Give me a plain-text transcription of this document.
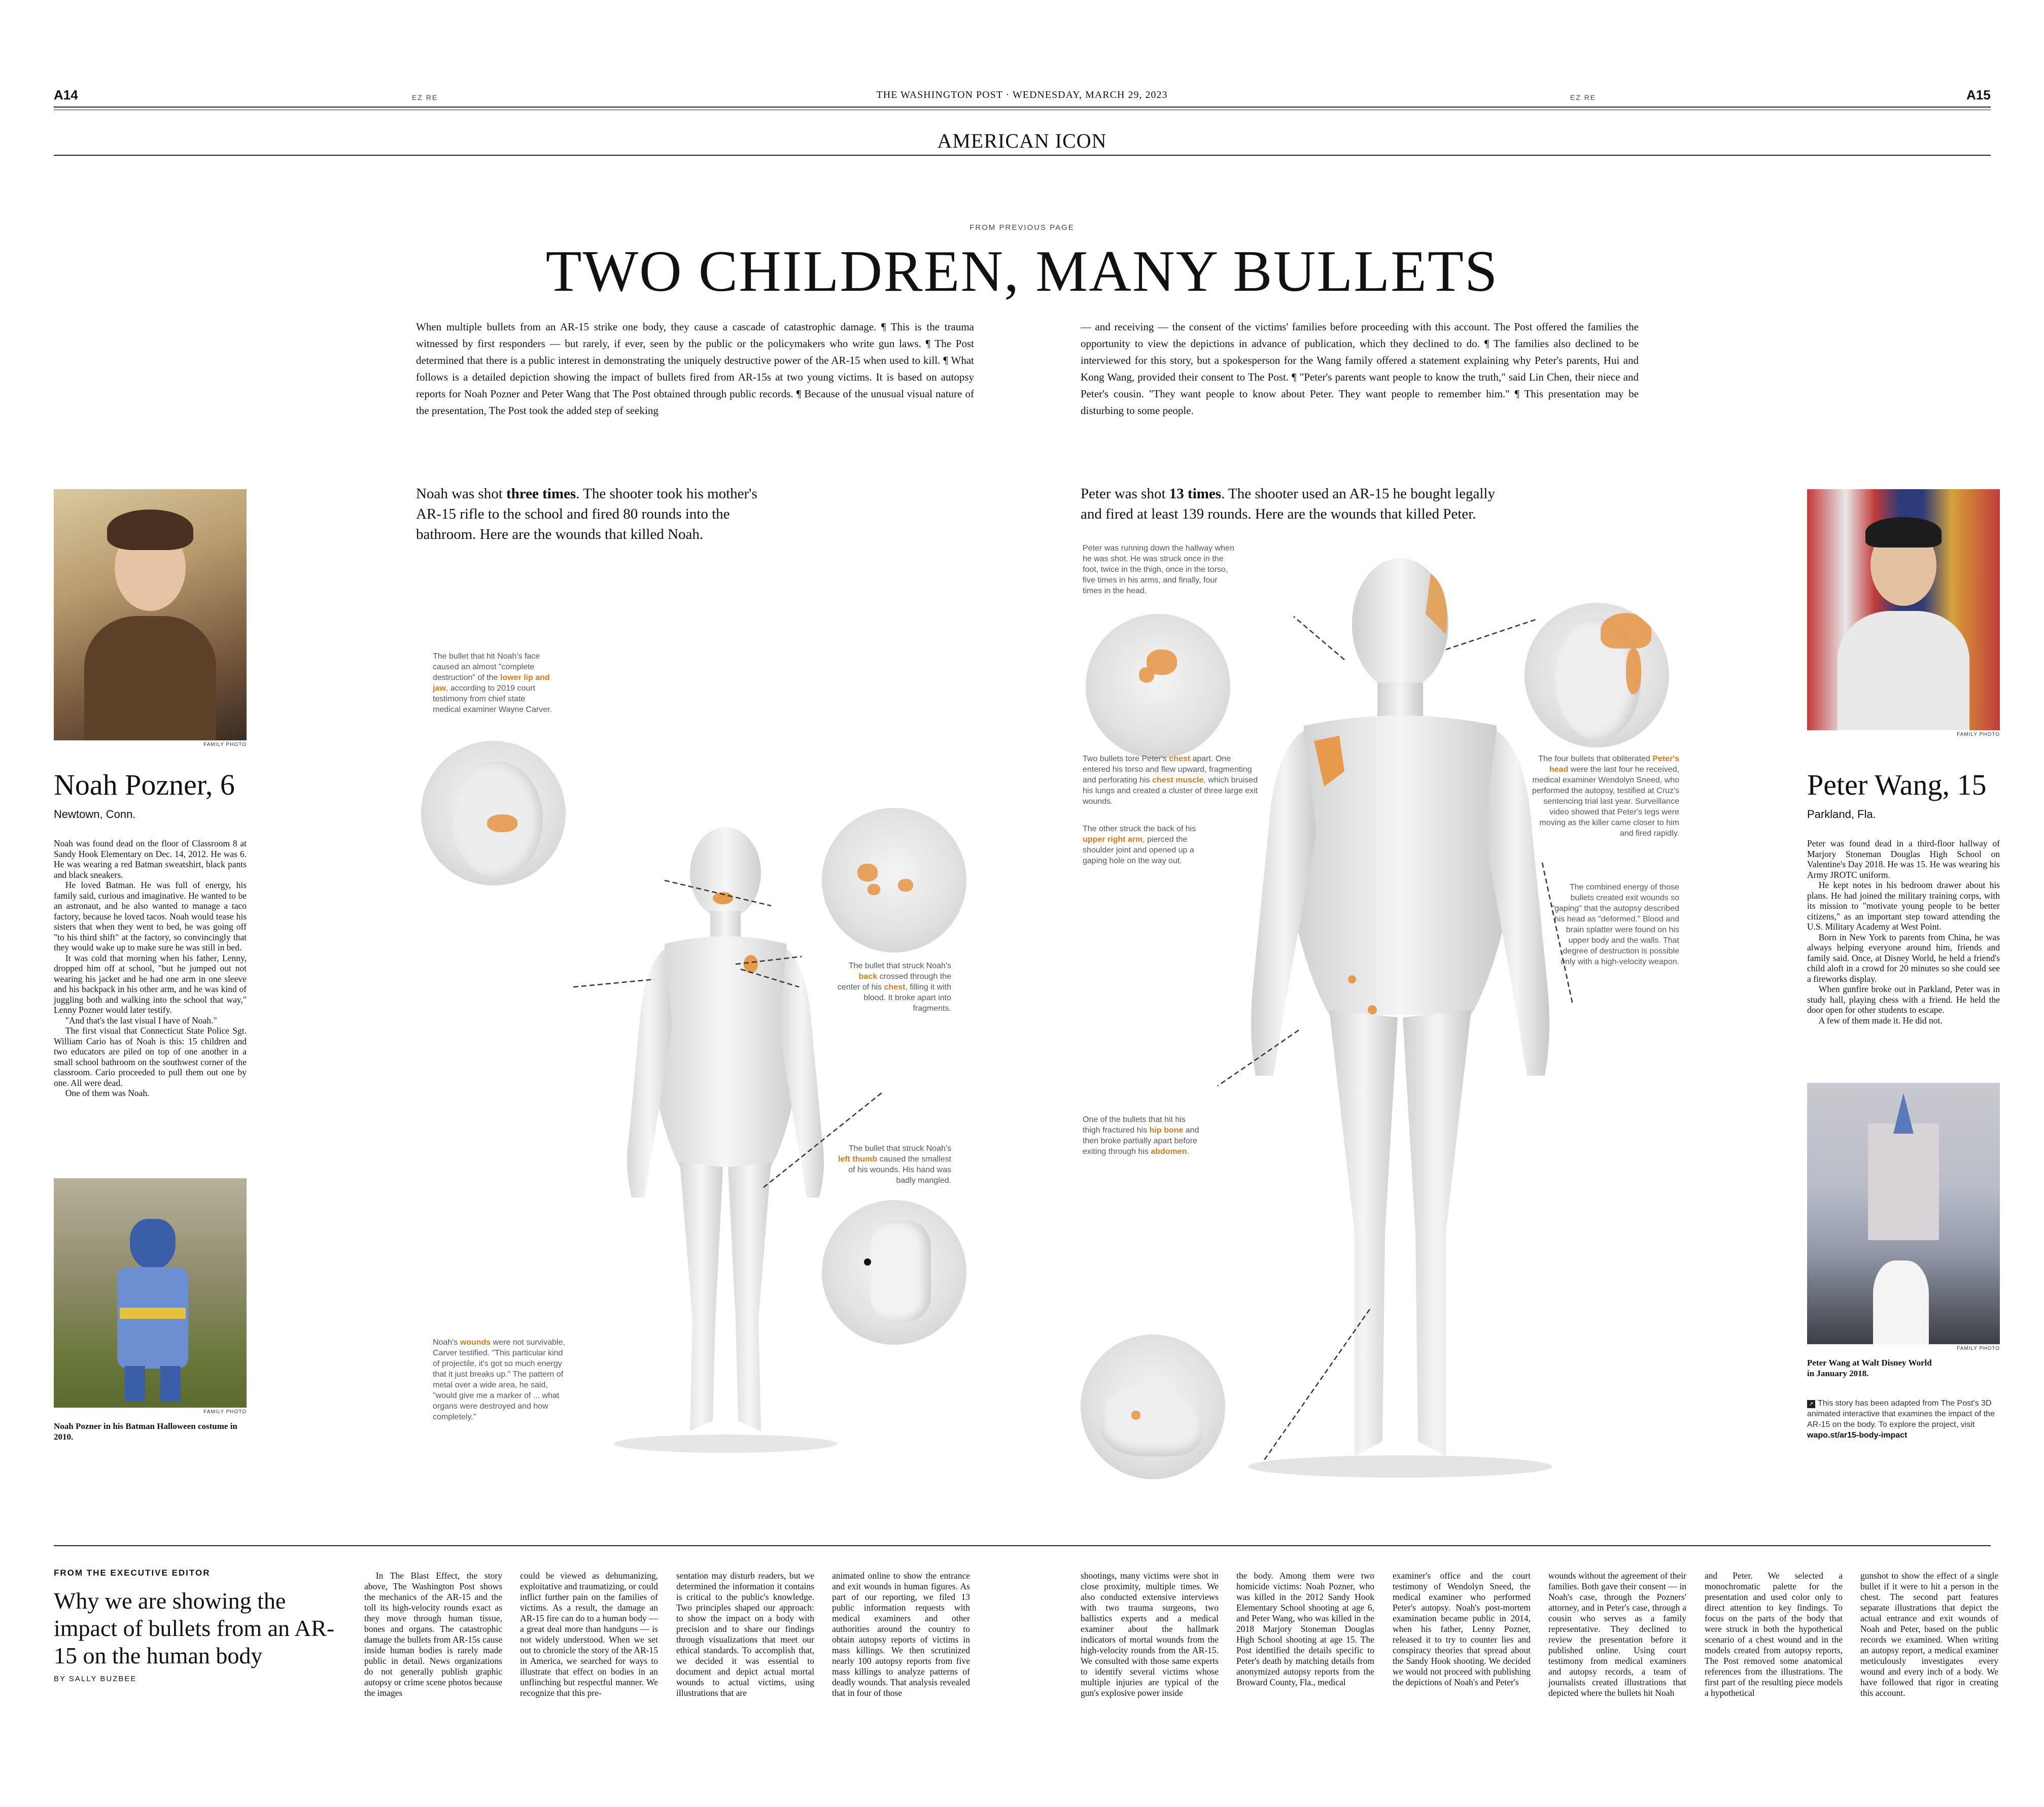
A14	EZ RE	THE WASHINGTON POST · WEDNESDAY, MARCH 29, 2023	EZ RE	A15
AMERICAN ICON
FROM PREVIOUS PAGE
TWO CHILDREN, MANY BULLETS
When multiple bullets from an AR-15 strike one body, they cause a cascade of catastrophic damage. ¶ This is the trauma witnessed by first responders — but rarely, if ever, seen by the public or the policymakers who write gun laws. ¶ The Post determined that there is a public interest in demonstrating the uniquely destructive power of the AR-15 when used to kill. ¶ What follows is a detailed depiction showing the impact of bullets fired from AR-15s at two young victims. It is based on autopsy reports for Noah Pozner and Peter Wang that The Post obtained through public records. ¶ Because of the unusual visual nature of the presentation, The Post took the added step of seeking
— and receiving — the consent of the victims' families before proceeding with this account. The Post offered the families the opportunity to view the depictions in advance of publication, which they declined to do. ¶ The families also declined to be interviewed for this story, but a spokesperson for the Wang family offered a statement explaining why Peter's parents, Hui and Kong Wang, provided their consent to The Post. ¶ "Peter's parents want people to know the truth," said Lin Chen, their niece and Peter's cousin. "They want people to know about Peter. They want people to remember him." ¶ This presentation may be disturbing to some people.
FAMILY PHOTO
Noah Pozner, 6
Newtown, Conn.
Noah was found dead on the floor of Classroom 8 at Sandy Hook Elementary on Dec. 14, 2012. He was 6. He was wearing a red Batman sweatshirt, black pants and black sneakers.
He loved Batman. He was full of energy, his family said, curious and imaginative. He wanted to be an astronaut, and he also wanted to manage a taco factory, because he loved tacos. Noah would tease his sisters that when they went to bed, he was going off "to his third shift" at the factory, so convincingly that they would wake up to make sure he was still in bed.
It was cold that morning when his father, Lenny, dropped him off at school, "but he jumped out not wearing his jacket and he had one arm in one sleeve and his backpack in his other arm, and he was kind of juggling both and walking into the school that way," Lenny Pozner would later testify.
"And that's the last visual I have of Noah."
The first visual that Connecticut State Police Sgt. William Cario has of Noah is this: 15 children and two educators are piled on top of one another in a small school bathroom on the southwest corner of the classroom. Cario proceeded to pull them out one by one. All were dead.
One of them was Noah.
FAMILY PHOTO
Noah Pozner in his Batman Halloween costume in 2010.
Noah was shot three times. The shooter took his mother's AR-15 rifle to the school and fired 80 rounds into the bathroom. Here are the wounds that killed Noah.
The bullet that hit Noah's face caused an almost "complete destruction" of the lower lip and jaw, according to 2019 court testimony from chief state medical examiner Wayne Carver.
The bullet that struck Noah's back crossed through the center of his chest, filling it with blood. It broke apart into fragments.
The bullet that struck Noah's left thumb caused the smallest of his wounds. His hand was badly mangled.
Noah's wounds were not survivable, Carver testified. "This particular kind of projectile, it's got so much energy that it just breaks up." The pattern of metal over a wide area, he said, "would give me a marker of ... what organs were destroyed and how completely."
Peter was shot 13 times. The shooter used an AR-15 he bought legally and fired at least 139 rounds. Here are the wounds that killed Peter.
Peter was running down the hallway when he was shot. He was struck once in the foot, twice in the thigh, once in the torso, five times in his arms, and finally, four times in the head.
Two bullets tore Peter's chest apart. One entered his torso and flew upward, fragmenting and perforating his chest muscle, which bruised his lungs and created a cluster of three large exit wounds.
The other struck the back of his upper right arm, pierced the shoulder joint and opened up a gaping hole on the way out.
The four bullets that obliterated Peter's head were the last four he received, medical examiner Wendolyn Sneed, who performed the autopsy, testified at Cruz's sentencing trial last year. Surveillance video showed that Peter's legs were moving as the killer came closer to him and fired rapidly.
The combined energy of those bullets created exit wounds so "gaping" that the autopsy described his head as "deformed." Blood and brain splatter were found on his upper body and the walls. That degree of destruction is possible only with a high-velocity weapon.
One of the bullets that hit his thigh fractured his hip bone and then broke partially apart before exiting through his abdomen.
FAMILY PHOTO
Peter Wang, 15
Parkland, Fla.
Peter was found dead in a third-floor hallway of Marjory Stoneman Douglas High School on Valentine's Day 2018. He was 15. He was wearing his Army JROTC uniform.
He kept notes in his bedroom drawer about his plans. He had joined the military training corps, with its mission to "motivate young people to be better citizens," as an important step toward attending the U.S. Military Academy at West Point.
Born in New York to parents from China, he was always helping everyone around him, friends and family said. Once, at Disney World, he held a friend's child aloft in a crowd for 20 minutes so she could see a fireworks display.
When gunfire broke out in Parkland, Peter was in study hall, playing chess with a friend. He held the door open for other students to escape.
A few of them made it. He did not.
FAMILY PHOTO
Peter Wang at Walt Disney World in January 2018.
↗ This story has been adapted from The Post's 3D animated interactive that examines the impact of the AR-15 on the body. To explore the project, visit wapo.st/ar15-body-impact
FROM THE EXECUTIVE EDITOR
Why we are showing the impact of bullets from an AR-15 on the human body
BY SALLY BUZBEE
In The Blast Effect, the story above, The Washington Post shows the mechanics of the AR-15 and the toll its high-velocity rounds exact as they move through human tissue, bones and organs. The catastrophic damage the bullets from AR-15s cause inside human bodies is rarely made public in detail. News organizations do not generally publish graphic autopsy or crime scene photos because the images
could be viewed as dehumanizing, exploitative and traumatizing, or could inflict further pain on the families of victims. As a result, the damage an AR-15 fire can do to a human body — a great deal more than handguns — is not widely understood. When we set out to chronicle the story of the AR-15 in America, we searched for ways to illustrate that effect on bodies in an unflinching but respectful manner. We recognize that this pre-
sentation may disturb readers, but we determined the information it contains is critical to the public's knowledge. Two principles shaped our approach: to show the impact on a body with precision and to share our findings through visualizations that meet our ethical standards. To accomplish that, we decided it was essential to document and depict actual mortal wounds to actual victims, using illustrations that are
animated online to show the entrance and exit wounds in human figures. As part of our reporting, we filed 13 public information requests with medical examiners and other authorities around the country to obtain autopsy reports of victims in mass killings. We then scrutinized nearly 100 autopsy reports from five mass killings to analyze patterns of deadly wounds. That analysis revealed that in four of those
shootings, many victims were shot in close proximity, multiple times. We also conducted extensive interviews with two trauma surgeons, two ballistics experts and a medical examiner about the hallmark indicators of mortal wounds from the high-velocity rounds from the AR-15. We consulted with those same experts to identify several victims whose multiple injuries are typical of the gun's explosive power inside
the body. Among them were two homicide victims: Noah Pozner, who was killed in the 2012 Sandy Hook Elementary School shooting at age 6, and Peter Wang, who was killed in the 2018 Marjory Stoneman Douglas High School shooting at age 15. The Post identified the details specific to Peter's death by matching details from anonymized autopsy reports from the Broward County, Fla., medical
examiner's office and the court testimony of Wendolyn Sneed, the medical examiner who performed Peter's autopsy. Noah's post-mortem examination became public in 2014, when his father, Lenny Pozner, released it to try to counter lies and conspiracy theories that spread about the Sandy Hook shooting. We decided we would not proceed with publishing the depictions of Noah's and Peter's
wounds without the agreement of their families. Both gave their consent — in Noah's case, through the Pozners' attorney, and in Peter's case, through a cousin who serves as a family representative. They declined to review the presentation before it published online. Using court testimony from medical examiners and autopsy records, a team of journalists created illustrations that depicted where the bullets hit Noah
and Peter. We selected a monochromatic palette for the presentation and used color only to direct attention to key findings. To focus on the parts of the body that were struck in both the hypothetical scenario of a chest wound and in the models created from autopsy reports, The Post removed some anatomical references from the illustrations. The first part of the resulting piece models a hypothetical
gunshot to show the effect of a single bullet if it were to hit a person in the chest. The second part features separate illustrations that depict the actual entrance and exit wounds of Noah and Peter, based on the public records we examined. When writing an autopsy report, a medical examiner meticulously investigates every wound and every inch of a body. We have followed that rigor in creating this account.
